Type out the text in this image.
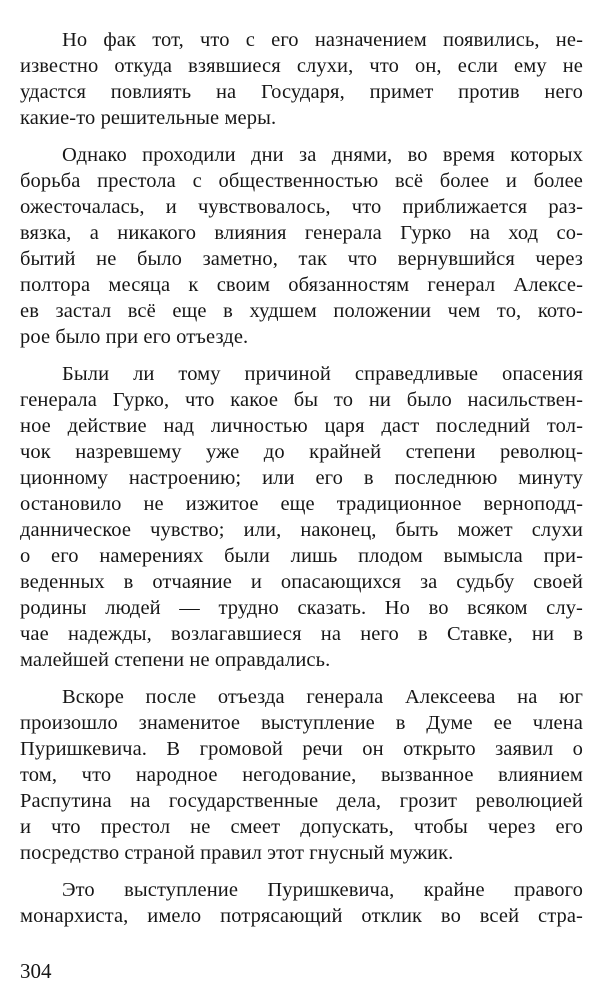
Но фак тот, что с его назначением появились, не-
известно откуда взявшиеся слухи, что он, если ему не
удастся повлиять на Государя, примет против него
какие-то решительные меры.
Однако проходили дни за днями, во время которых
борьба престола с общественностью всё более и более
ожесточалась, и чувствовалось, что приближается раз-
вязка, а никакого влияния генерала Гурко на ход со-
бытий не было заметно, так что вернувшийся через
полтора месяца к своим обязанностям генерал Алексе-
ев застал всё еще в худшем положении чем то, кото-
рое было при его отъезде.
Были ли тому причиной справедливые опасения
генерала Гурко, что какое бы то ни было насильствен-
ное действие над личностью царя даст последний тол-
чок назревшему уже до крайней степени революц-
ционному настроению; или его в последнюю минуту
остановило не изжитое еще традиционное верноподд-
данническое чувство; или, наконец, быть может слухи
о его намерениях были лишь плодом вымысла при-
веденных в отчаяние и опасающихся за судьбу своей
родины людей — трудно сказать. Но во всяком слу-
чае надежды, возлагавшиеся на него в Ставке, ни в
малейшей степени не оправдались.
Вскоре после отъезда генерала Алексеева на юг
произошло знаменитое выступление в Думе ее члена
Пуришкевича. В громовой речи он открыто заявил о
том, что народное негодование, вызванное влиянием
Распутина на государственные дела, грозит революцией
и что престол не смеет допускать, чтобы через его
посредство страной правил этот гнусный мужик.
Это выступление Пуришкевича, крайне правого
монархиста, имело потрясающий отклик во всей стра-
304
